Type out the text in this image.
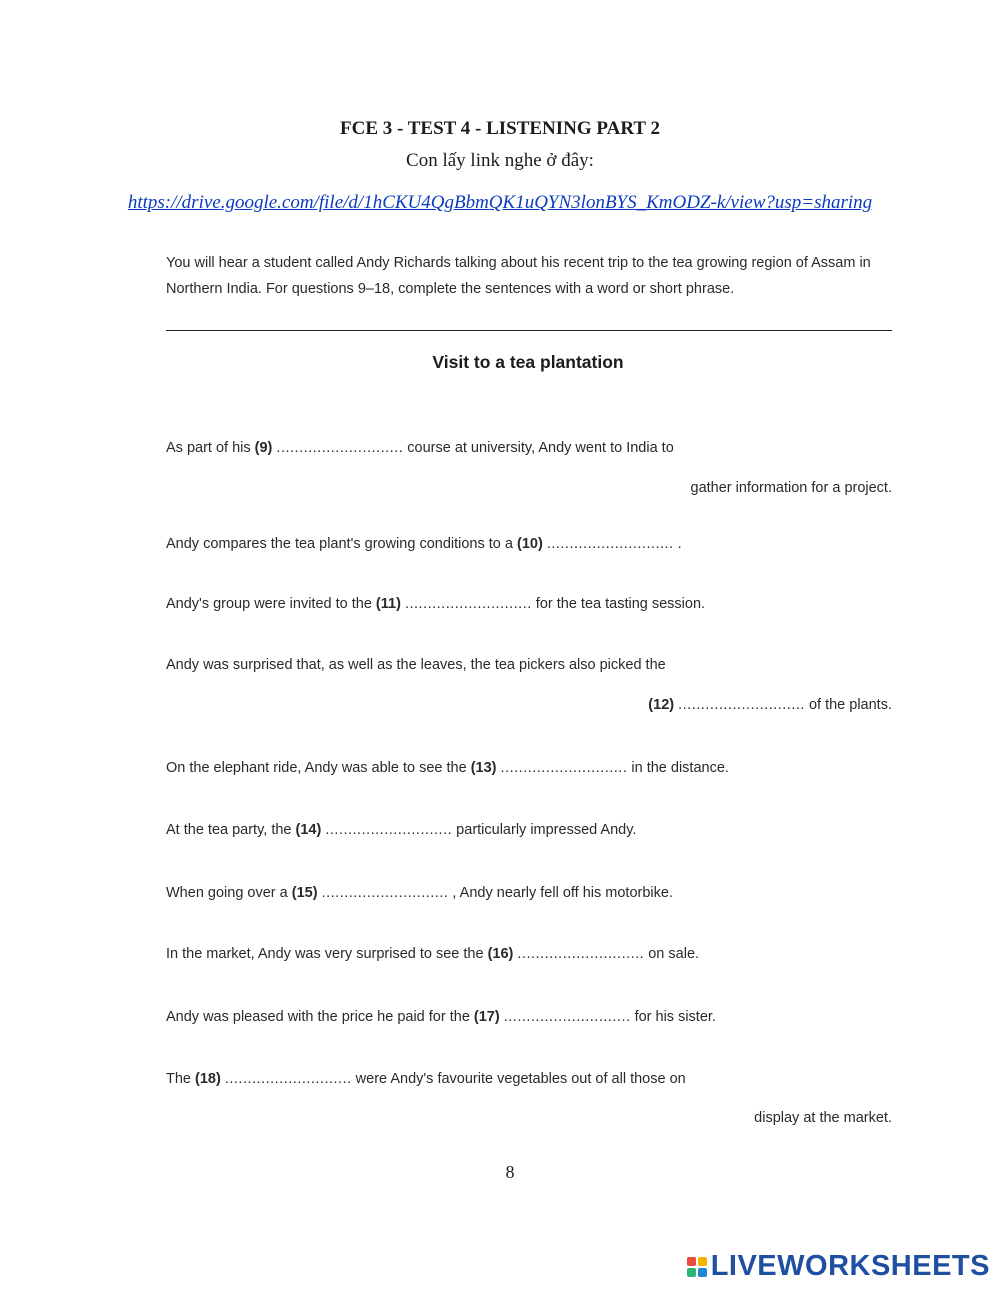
FCE 3 - TEST 4 - LISTENING PART 2
Con lấy link nghe ở đây:
https://drive.google.com/file/d/1hCKU4QgBbmQK1uQYN3lonBYS_KmODZ-k/view?usp=sharing
You will hear a student called Andy Richards talking about his recent trip to the tea growing region of Assam in Northern India. For questions 9–18, complete the sentences with a word or short phrase.
Visit to a tea plantation
As part of his (9) ............................ course at university, Andy went to India to
gather information for a project.
Andy compares the tea plant's growing conditions to a (10) ............................ .
Andy's group were invited to the (11) ............................ for the tea tasting session.
Andy was surprised that, as well as the leaves, the tea pickers also picked the
(12) ............................ of the plants.
On the elephant ride, Andy was able to see the (13) ............................ in the distance.
At the tea party, the (14) ............................ particularly impressed Andy.
When going over a (15) ............................ , Andy nearly fell off his motorbike.
In the market, Andy was very surprised to see the (16) ............................ on sale.
Andy was pleased with the price he paid for the (17) ............................ for his sister.
The (18) ............................ were Andy's favourite vegetables out of all those on
display at the market.
8
LIVEWORKSHEETS
